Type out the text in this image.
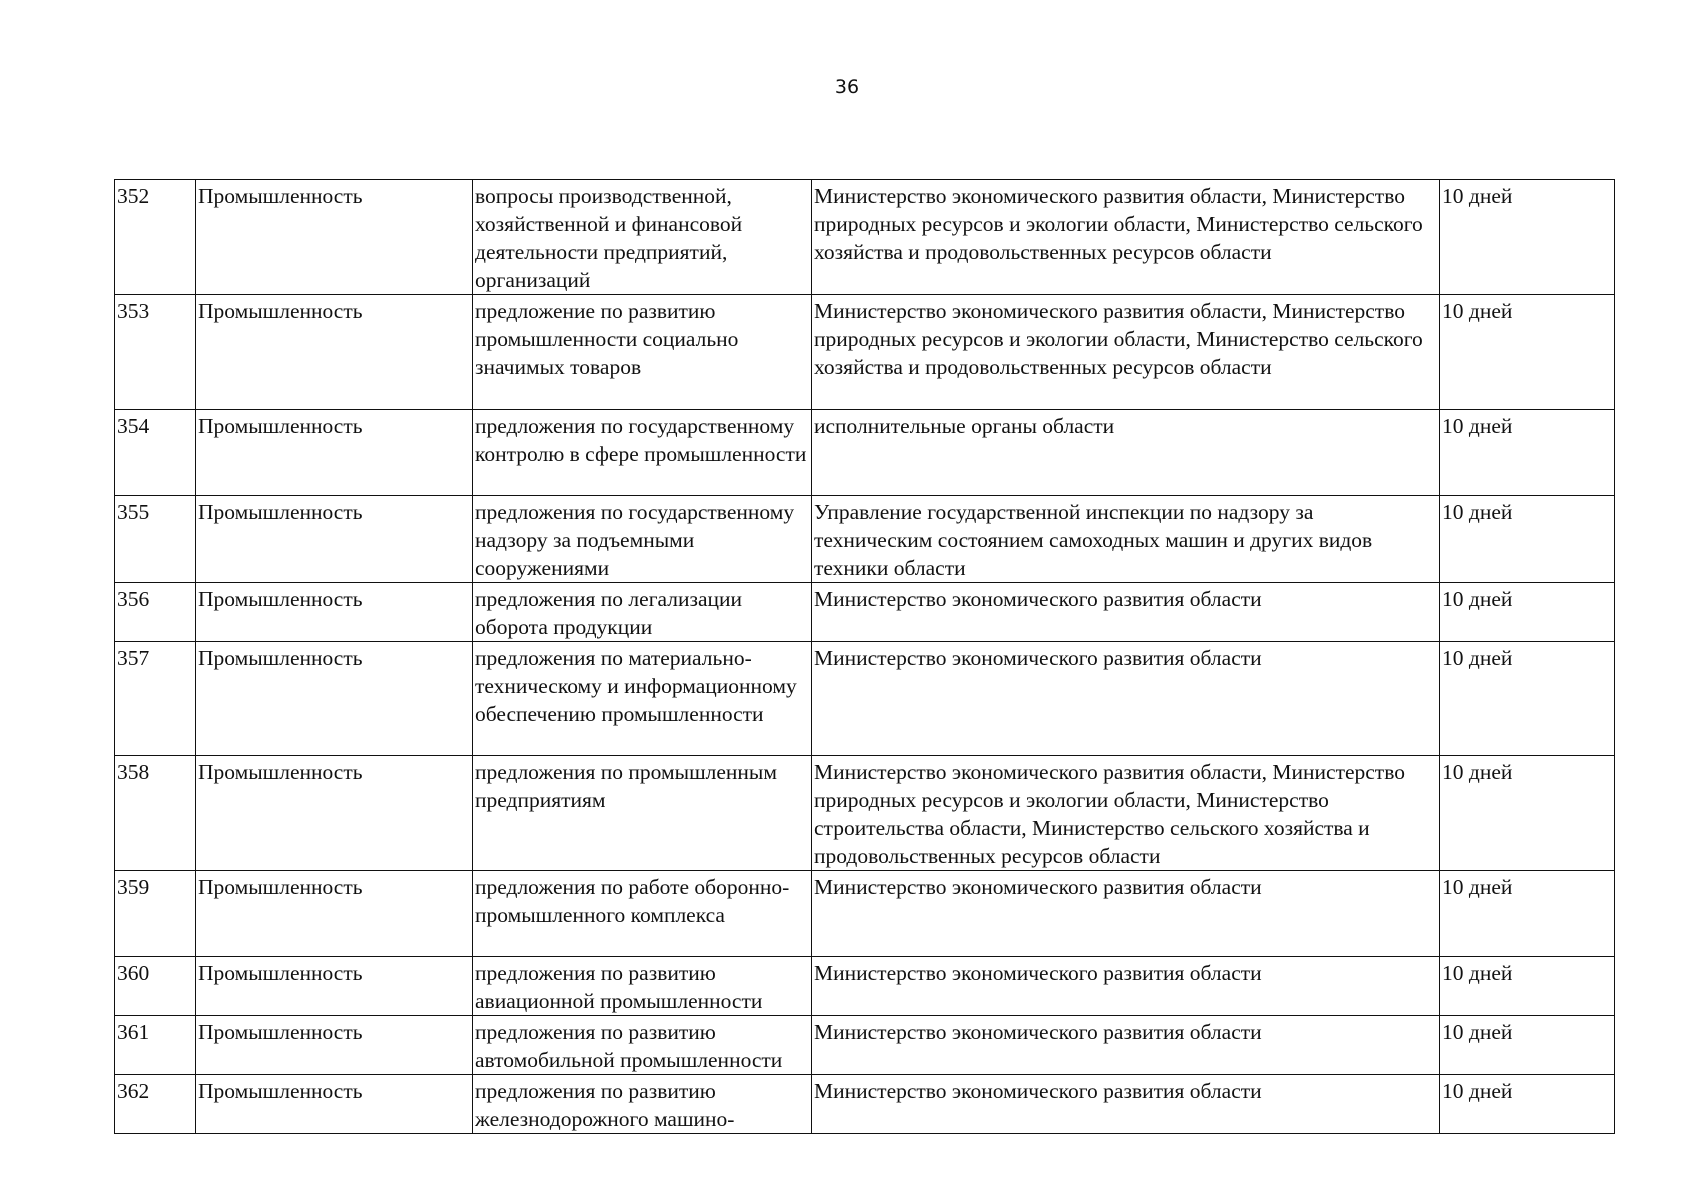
36
352	Промышленность	вопросы производственной, хозяйственной и финансовой деятельности предприятий, организаций	Министерство экономического развития области, Министерство природных ресурсов и экологии области, Министерство сельского хозяйства и продовольственных ресурсов области	10 дней
353	Промышленность	предложение по развитию промышленности социально значимых товаров	Министерство экономического развития области, Министерство природных ресурсов и экологии области, Министерство сельского хозяйства и продовольственных ресурсов области	10 дней
354	Промышленность	предложения по государственному контролю в сфере промышленности	исполнительные органы области	10 дней
355	Промышленность	предложения по государственному надзору за подъемными сооружениями	Управление государственной инспекции по надзору за техническим состоянием самоходных машин и других видов техники области	10 дней
356	Промышленность	предложения по легализации оборота продукции	Министерство экономического развития области	10 дней
357	Промышленность	предложения по материально-техническому и информационному обеспечению промышленности	Министерство экономического развития области	10 дней
358	Промышленность	предложения по промышленным предприятиям	Министерство экономического развития области, Министерство природных ресурсов и экологии области, Министерство строительства области, Министерство сельского хозяйства и продовольственных ресурсов области	10 дней
359	Промышленность	предложения по работе оборонно-промышленного комплекса	Министерство экономического развития области	10 дней
360	Промышленность	предложения по развитию авиационной промышленности	Министерство экономического развития области	10 дней
361	Промышленность	предложения по развитию автомобильной промышленности	Министерство экономического развития области	10 дней
362	Промышленность	предложения по развитию железнодорожного машино-	Министерство экономического развития области	10 дней
